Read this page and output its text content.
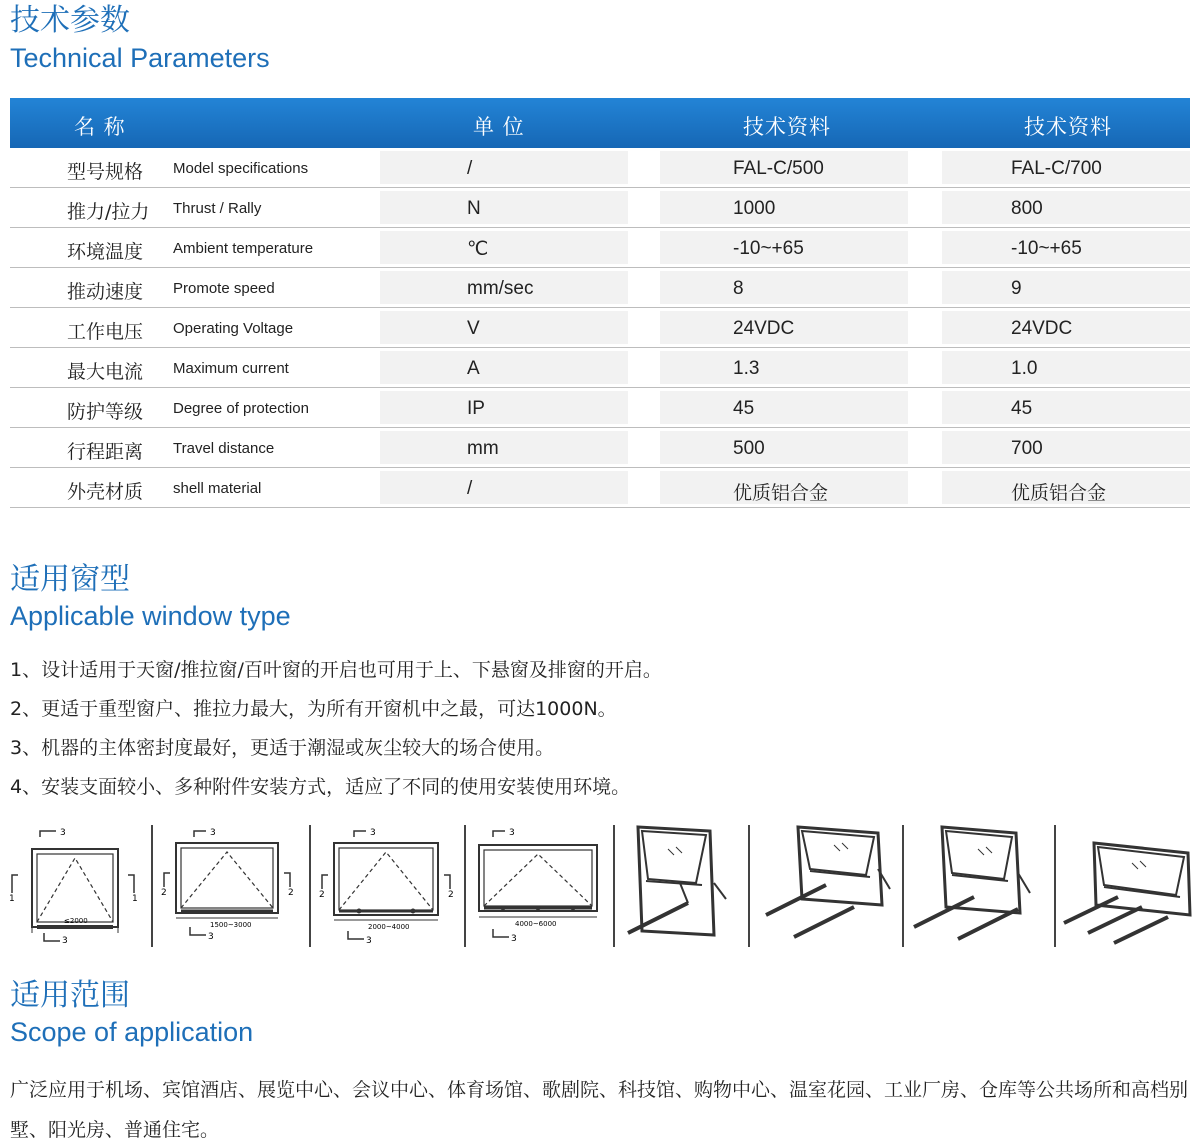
技术参数
Technical Parameters
名 称	单 位	技术资料	技术资料
型号规格 Model specifications	/	FAL-C/500	FAL-C/700
推力/拉力 Thrust / Rally	N	1000	800
环境温度 Ambient temperature	℃	-10~+65	-10~+65
推动速度 Promote speed	mm/sec	8	9
工作电压 Operating Voltage	V	24VDC	24VDC
最大电流 Maximum current	A	1.3	1.0
防护等级 Degree of protection	IP	45	45
行程距离 Travel distance	mm	500	700
外壳材质 shell material	/	优质铝合金	优质铝合金
适用窗型
Applicable window type
1、设计适用于天窗/推拉窗/百叶窗的开启也可用于上、下悬窗及排窗的开启。
2、更适于重型窗户、推拉力最大，为所有开窗机中之最，可达1000N。
3、机器的主体密封度最好，更适于潮湿或灰尘较大的场合使用。
4、安装支面较小、多种附件安装方式，适应了不同的使用安装使用环境。
3
1	1
≤2000
3
3
2	2
1500~3000
3
3
2	2
2000~4000
3
3
4000~6000
3
适用范围
Scope of application
广泛应用于机场、宾馆酒店、展览中心、会议中心、体育场馆、歌剧院、科技馆、购物中心、温室花园、工业厂房、仓库等公共场所和高档别墅、阳光房、普通住宅。
